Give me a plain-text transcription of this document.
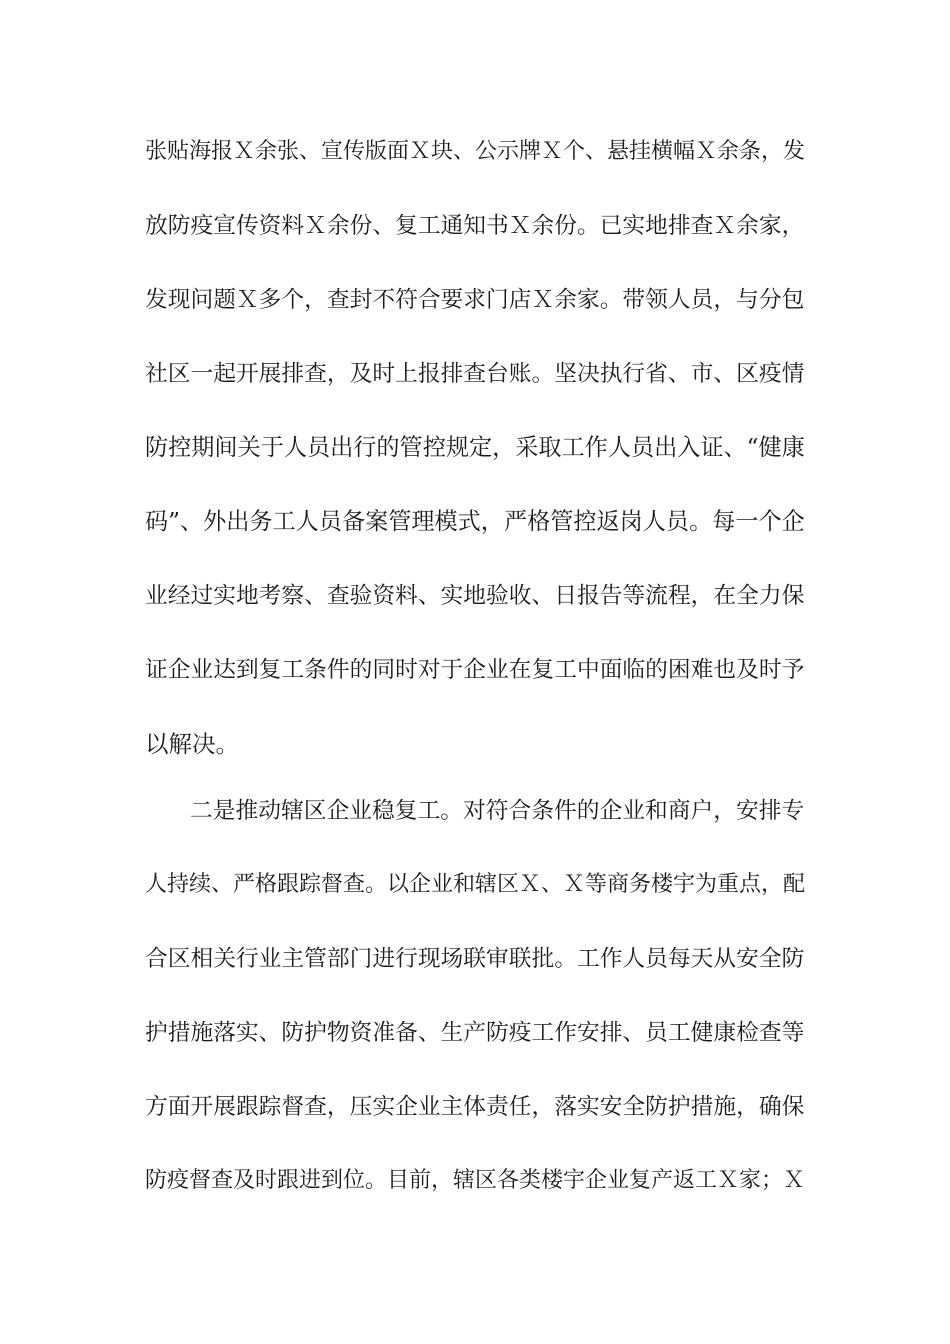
张贴海报Ｘ余张、宣传版面Ｘ块、公示牌Ｘ个、悬挂横幅Ｘ余条，发
放防疫宣传资料Ｘ余份、复工通知书Ｘ余份。已实地排查Ｘ余家，
发现问题Ｘ多个，查封不符合要求门店Ｘ余家。带领人员，与分包
社区一起开展排查，及时上报排查台账。坚决执行省、市、区疫情
防控期间关于人员出行的管控规定，采取工作人员出入证、“健康
码”、外出务工人员备案管理模式，严格管控返岗人员。每一个企
业经过实地考察、查验资料、实地验收、日报告等流程，在全力保
证企业达到复工条件的同时对于企业在复工中面临的困难也及时予
以解决。
二是推动辖区企业稳复工。对符合条件的企业和商户，安排专
人持续、严格跟踪督查。以企业和辖区Ｘ、Ｘ等商务楼宇为重点，配
合区相关行业主管部门进行现场联审联批。工作人员每天从安全防
护措施落实、防护物资准备、生产防疫工作安排、员工健康检查等
方面开展跟踪督查，压实企业主体责任，落实安全防护措施，确保
防疫督查及时跟进到位。目前，辖区各类楼宇企业复产返工Ｘ家；Ｘ
